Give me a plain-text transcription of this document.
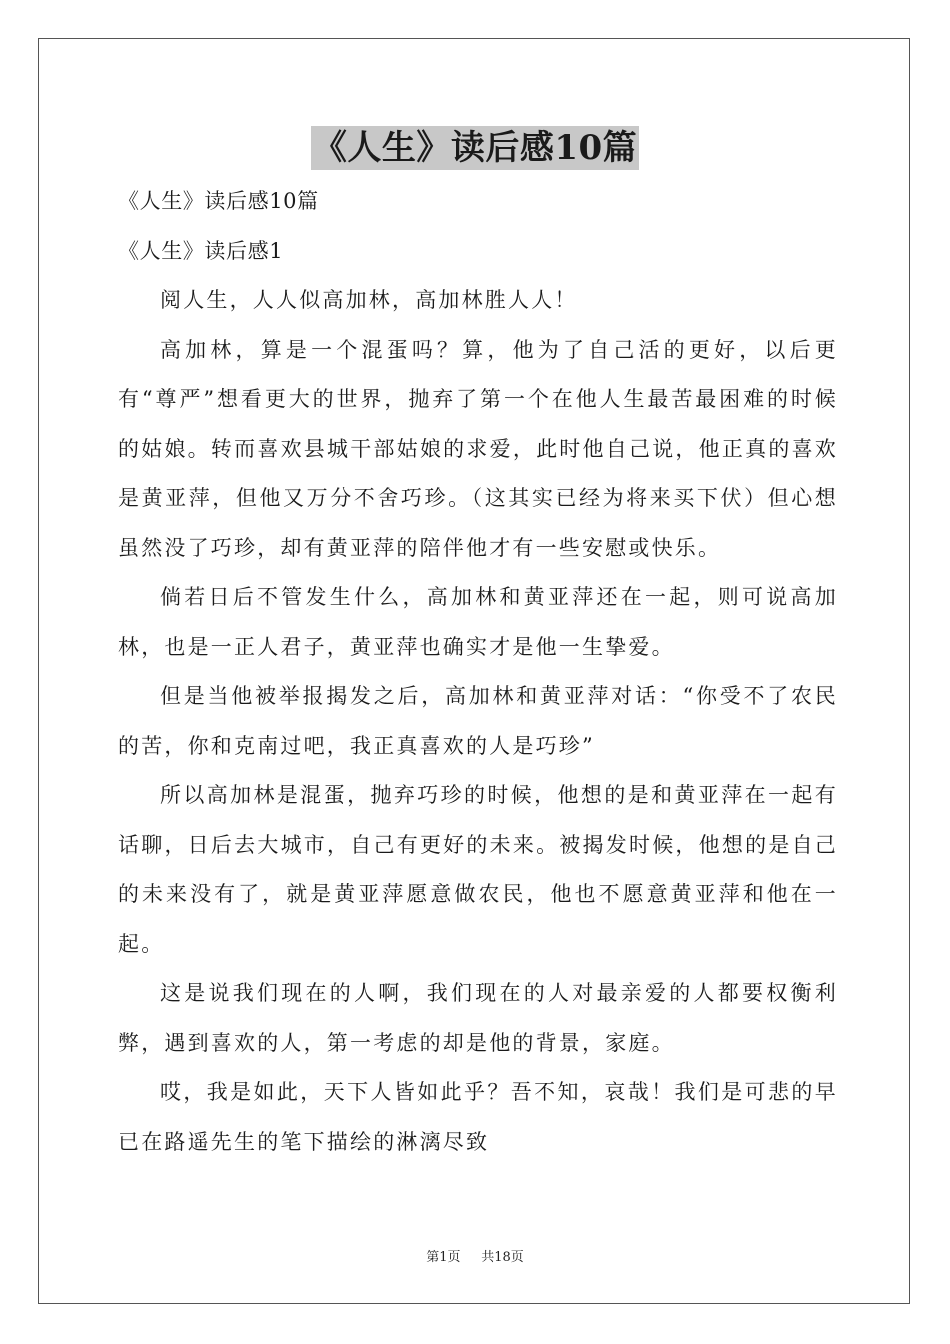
《人生》读后感10篇

《人生》读后感10篇

《人生》读后感1

阅人生，人人似高加林，高加林胜人人！

高加林，算是一个混蛋吗？算，他为了自己活的更好，以后更有“尊严”想看更大的世界，抛弃了第一个在他人生最苦最困难的时候的姑娘。转而喜欢县城干部姑娘的求爱，此时他自己说，他正真的喜欢是黄亚萍，但他又万分不舍巧珍。（这其实已经为将来买下伏）但心想虽然没了巧珍，却有黄亚萍的陪伴他才有一些安慰或快乐。

倘若日后不管发生什么，高加林和黄亚萍还在一起，则可说高加林，也是一正人君子，黄亚萍也确实才是他一生挚爱。

但是当他被举报揭发之后，高加林和黄亚萍对话：“你受不了农民的苦，你和克南过吧，我正真喜欢的人是巧珍”

所以高加林是混蛋，抛弃巧珍的时候，他想的是和黄亚萍在一起有话聊，日后去大城市，自己有更好的未来。被揭发时候，他想的是自己的未来没有了，就是黄亚萍愿意做农民，他也不愿意黄亚萍和他在一起。

这是说我们现在的人啊，我们现在的人对最亲爱的人都要权衡利弊，遇到喜欢的人，第一考虑的却是他的背景，家庭。

哎，我是如此，天下人皆如此乎？吾不知，哀哉！我们是可悲的早已在路遥先生的笔下描绘的淋漓尽致

第1页 共18页
